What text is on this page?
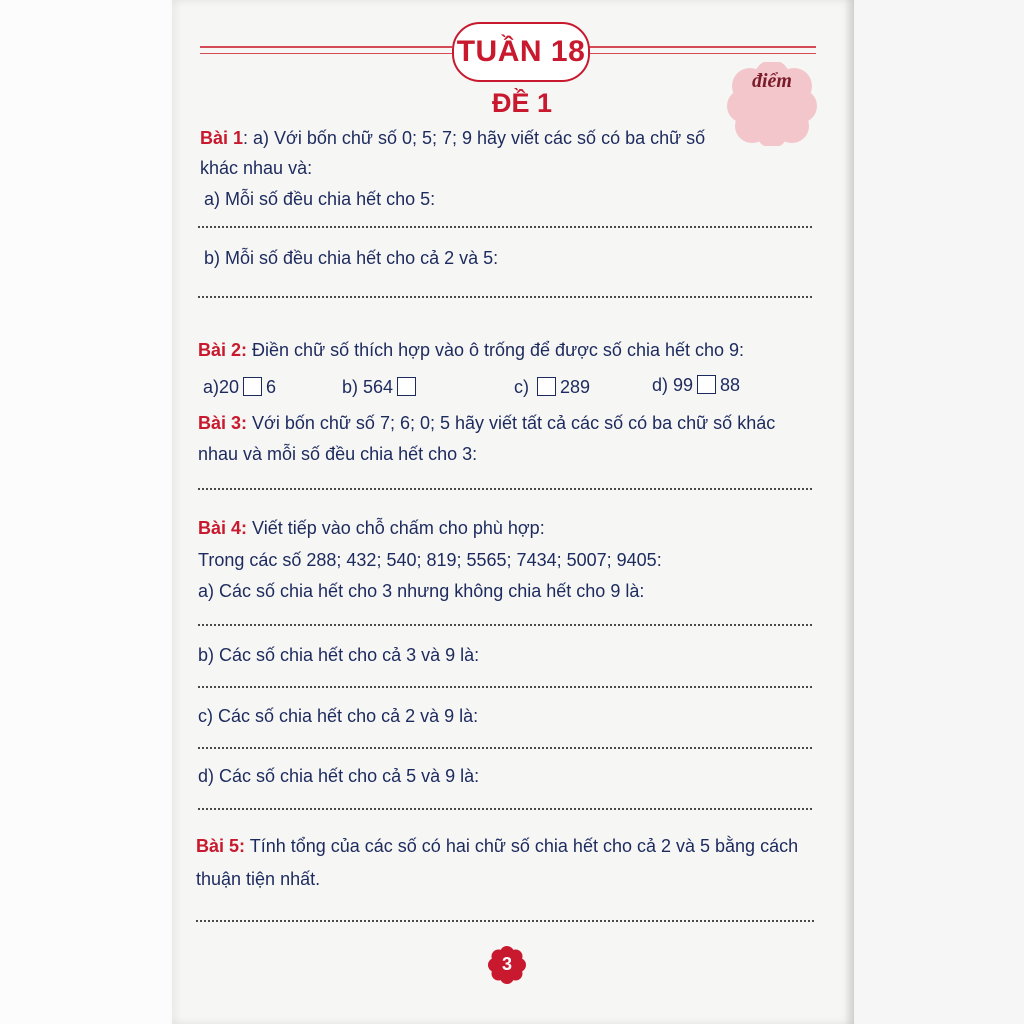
TUẦN 18
ĐỀ 1
điểm
Bài 1: a) Với bốn chữ số 0; 5; 7; 9 hãy viết các số có ba chữ số
khác nhau và:
a) Mỗi số đều chia hết cho 5:
b) Mỗi số đều chia hết cho cả 2 và 5:
Bài 2: Điền chữ số thích hợp vào ô trống để được số chia hết cho 9:
a)20 6	b) 564	c) 289	d) 99 88
Bài 3: Với bốn chữ số 7; 6; 0; 5 hãy viết tất cả các số có ba chữ số khác
nhau và mỗi số đều chia hết cho 3:
Bài 4: Viết tiếp vào chỗ chấm cho phù hợp:
Trong các số 288; 432; 540; 819; 5565; 7434; 5007; 9405:
a) Các số chia hết cho 3 nhưng không chia hết cho 9 là:
b) Các số chia hết cho cả 3 và 9 là:
c) Các số chia hết cho cả 2 và 9 là:
d) Các số chia hết cho cả 5 và 9 là:
Bài 5: Tính tổng của các số có hai chữ số chia hết cho cả 2 và 5 bằng cách
thuận tiện nhất.
3
